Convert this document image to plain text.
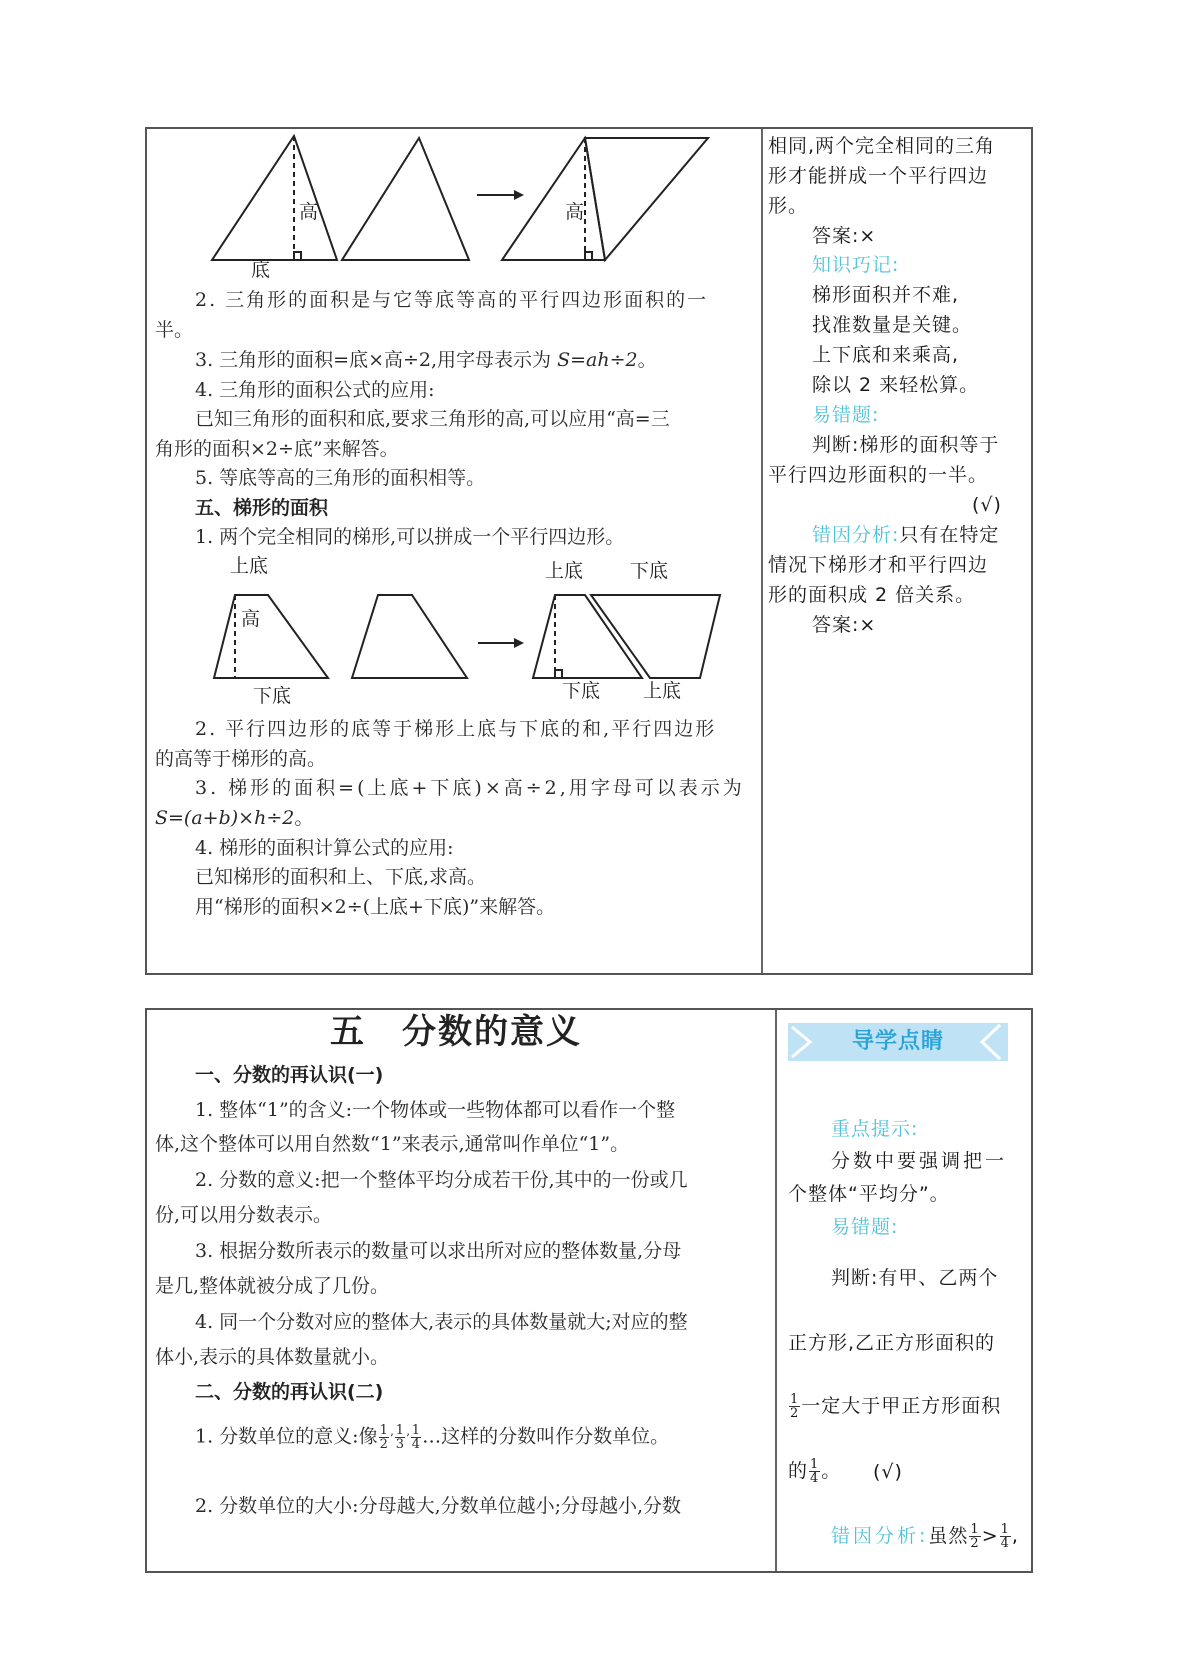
高
底
高
2. 三角形的面积是与它等底等高的平行四边形面积的一
半。
3. 三角形的面积=底×高÷2,用字母表示为 S=ah÷2。
4. 三角形的面积公式的应用:
已知三角形的面积和底,要求三角形的高,可以应用“高=三
角形的面积×2÷底”来解答。
5. 等底等高的三角形的面积相等。
五、梯形的面积
1. 两个完全相同的梯形,可以拼成一个平行四边形。
上底
高
下底
上底 下底
下底 上底
2. 平行四边形的底等于梯形上底与下底的和,平行四边形
的高等于梯形的高。
3. 梯形的面积=(上底+下底)×高÷2,用字母可以表示为
S=(a+b)×h÷2。
4. 梯形的面积计算公式的应用:
已知梯形的面积和上、下底,求高。
用“梯形的面积×2÷(上底+下底)”来解答。
相同,两个完全相同的三角
形才能拼成一个平行四边
形。
答案:×
知识巧记:
梯形面积并不难,
找准数量是关键。
上下底和来乘高,
除以 2 来轻松算。
易错题:
判断:梯形的面积等于
平行四边形面积的一半。
(√)
错因分析:只有在特定
情况下梯形才和平行四边
形的面积成 2 倍关系。
答案:×
五　分数的意义
一、分数的再认识(一)
1. 整体“1”的含义:一个物体或一些物体都可以看作一个整
体,这个整体可以用自然数“1”来表示,通常叫作单位“1”。
2. 分数的意义:把一个整体平均分成若干份,其中的一份或几
份,可以用分数表示。
3. 根据分数所表示的数量可以求出所对应的整体数量,分母
是几,整体就被分成了几份。
4. 同一个分数对应的整体大,表示的具体数量就大;对应的整
体小,表示的具体数量就小。
二、分数的再认识(二)
1. 分数单位的意义:像 $\frac{1}{2}$ ’ $\frac{1}{3}$ ’ $\frac{1}{4}$ …这样的分数叫作分数单位。
2. 分数单位的大小:分母越大,分数单位越小;分母越小,分数
导学点睛
重点提示:
分数中要强调把一
个整体“平均分”。
易错题:
判断:有甲、乙两个
正方形,乙正方形面积的
$\frac{1}{2}$ 一定大于甲正方形面积
的 $\frac{1}{4}$ 。 (√)
错因分析:虽然 $\frac{1}{2} > \frac{1}{4}$ ,
